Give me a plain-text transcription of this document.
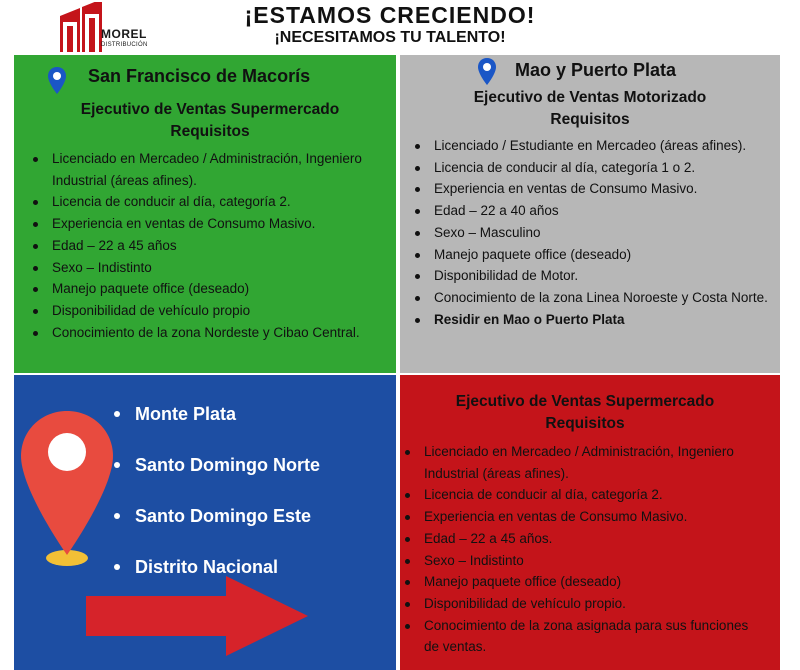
MOREL
DISTRIBUCIÓN
¡ESTAMOS CRECIENDO!
¡NECESITAMOS TU TALENTO!
San Francisco de Macorís
Ejecutivo de Ventas Supermercado
Requisitos
Licenciado en Mercadeo / Administración, Ingeniero Industrial (áreas afines).
Licencia de conducir al día, categoría 2.
Experiencia en ventas de Consumo Masivo.
Edad – 22 a 45 años
Sexo – Indistinto
Manejo paquete office (deseado)
Disponibilidad de vehículo propio
Conocimiento de la zona Nordeste y Cibao Central.
Mao y Puerto Plata
Ejecutivo de Ventas Motorizado
Requisitos
Licenciado / Estudiante en Mercadeo (áreas afines).
Licencia de conducir al día, categoría 1 o 2.
Experiencia en ventas de Consumo Masivo.
Edad – 22 a 40 años
Sexo – Masculino
Manejo paquete office (deseado)
Disponibilidad de Motor.
Conocimiento de la zona Linea Noroeste y Costa Norte.
Residir en Mao o Puerto Plata
Monte Plata
Santo Domingo Norte
Santo Domingo Este
Distrito Nacional
Ejecutivo de Ventas Supermercado
Requisitos
Licenciado en Mercadeo / Administración, Ingeniero Industrial (áreas afines).
Licencia de conducir al día, categoría 2.
Experiencia en ventas de Consumo Masivo.
Edad – 22 a 45 años.
Sexo – Indistinto
Manejo paquete office (deseado)
Disponibilidad de vehículo propio.
Conocimiento de la zona asignada para sus funciones de ventas.
